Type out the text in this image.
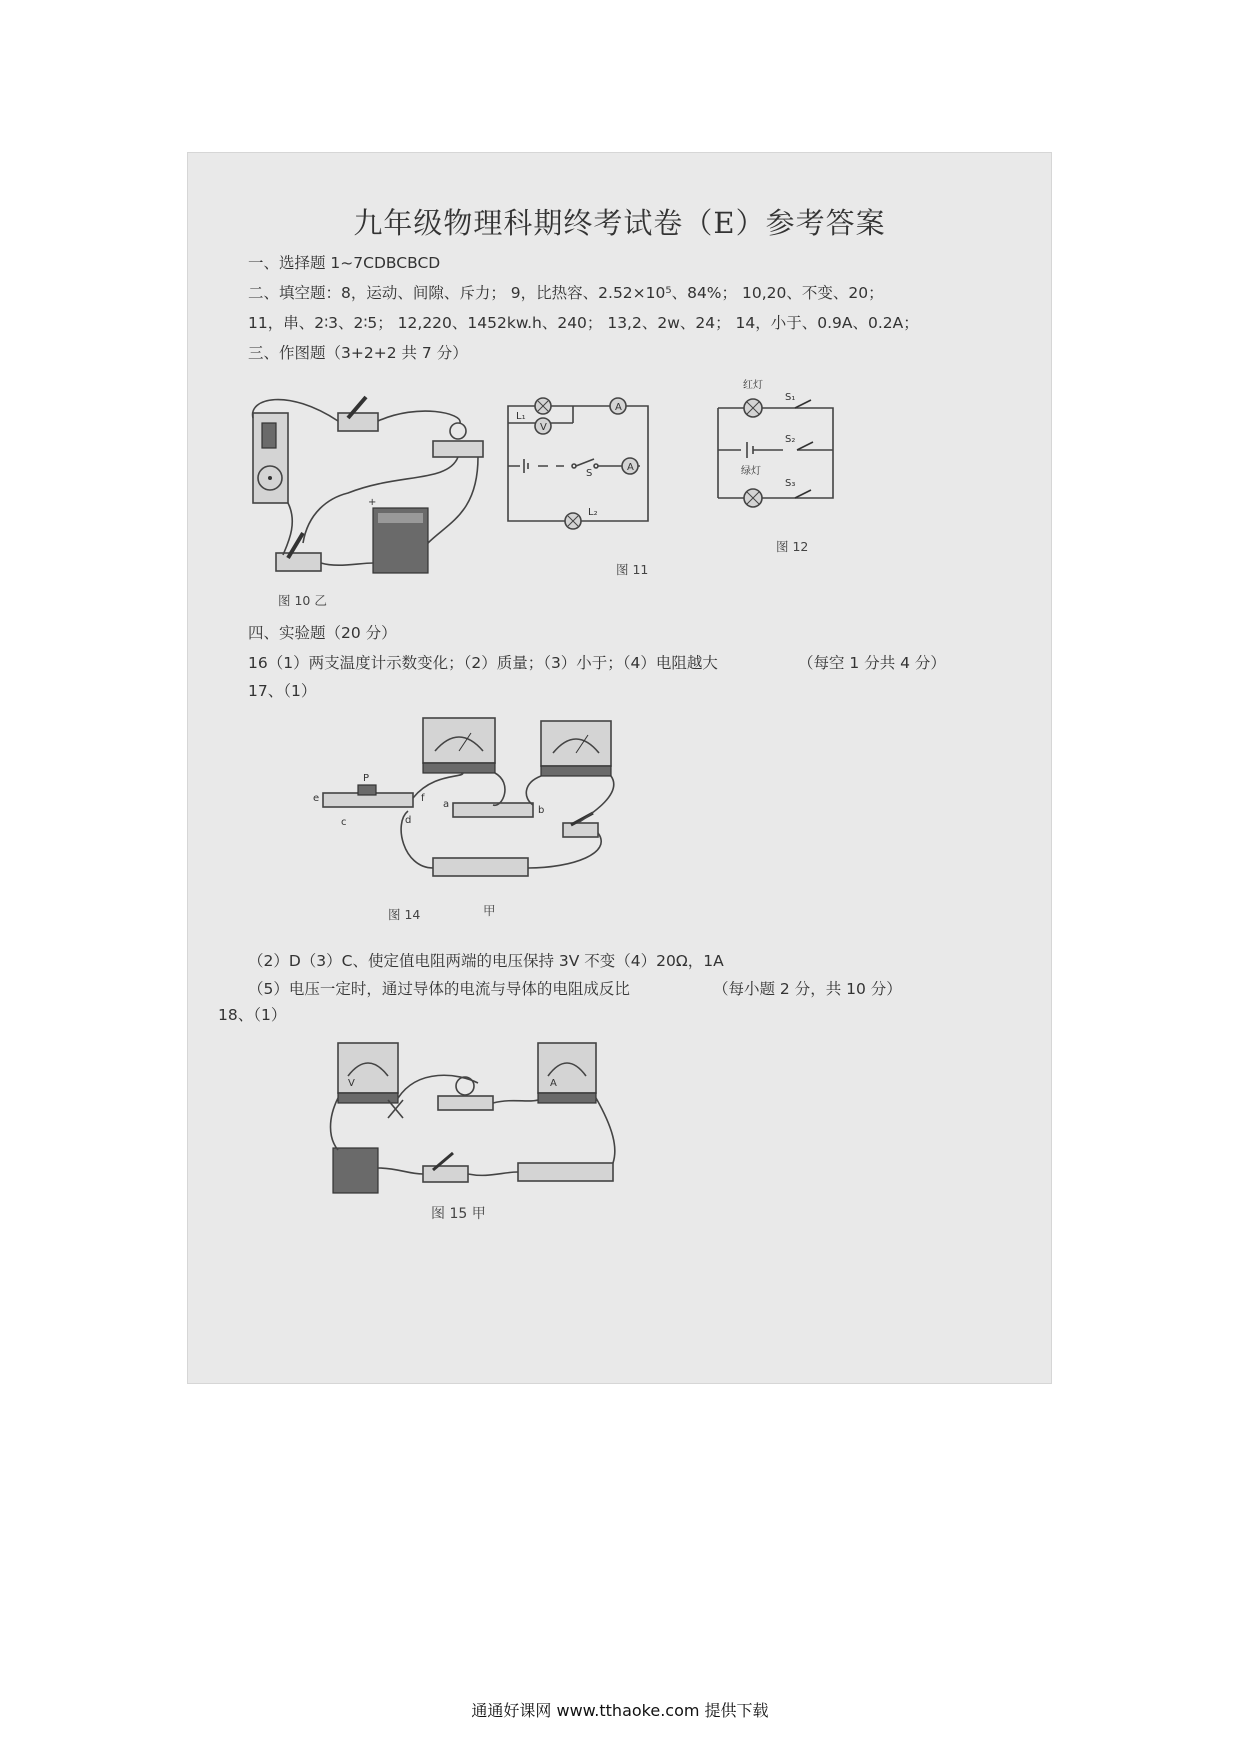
九年级物理科期终考试卷（E）参考答案
一、选择题 1~7CDBCBCD
二、填空题：8，运动、间隙、斥力； 9，比热容、2.52×10⁵、84%； 10,20、不变、20；
11，串、2∶3、2∶5； 12,220、1452kw.h、240； 13,2、2w、24； 14，小于、0.9A、0.2A；
三、作图题（3+2+2 共 7 分）
+
图 10 乙
A
V
L₁
S
A
L₂
图 11
红灯
绿灯
S₁
S₂
S₃
图 12
四、实验题（20 分）
16（1）两支温度计示数变化；（2）质量；（3）小于；（4）电阻越大	（每空 1 分共 4 分）
17、（1）
P
e
c	d
f
a
b
图 14	甲
（2）D（3）C、使定值电阻两端的电压保持 3V 不变（4）20Ω，1A
（5）电压一定时，通过导体的电流与导体的电阻成反比	（每小题 2 分，共 10 分）
18、（1）
V	A
图 15 甲
通通好课网 www.tthaoke.com 提供下载
